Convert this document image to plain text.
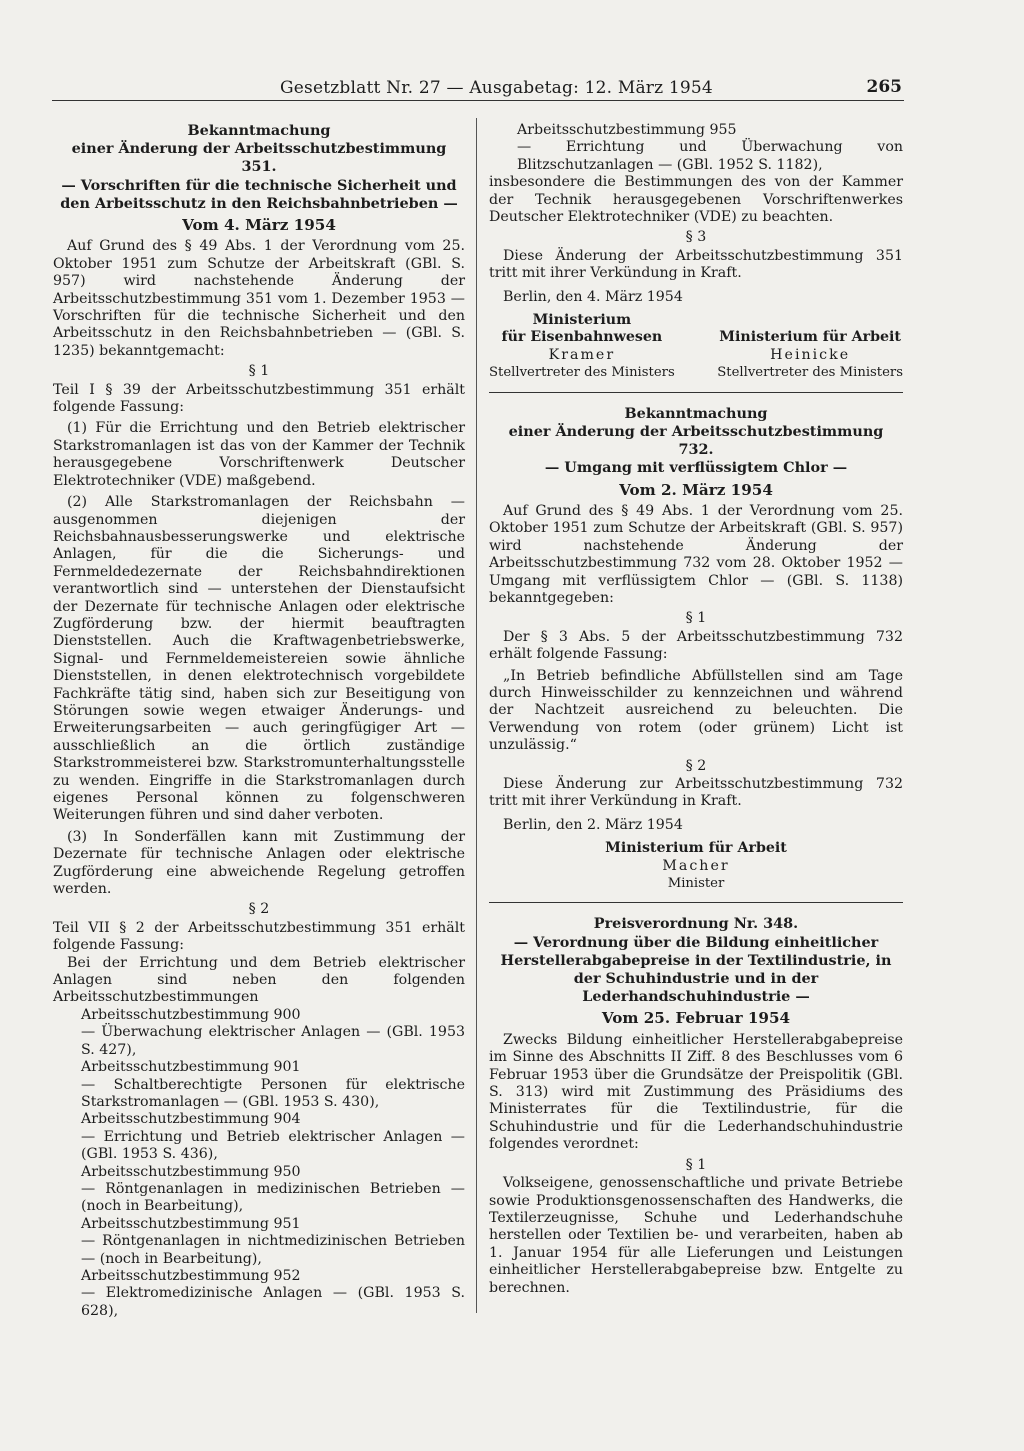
Gesetzblatt Nr. 27 — Ausgabetag: 12. März 1954	265
Bekanntmachung
einer Änderung der Arbeitsschutzbestimmung 351.
— Vorschriften für die technische Sicherheit und den Arbeitsschutz in den Reichsbahnbetrieben —
Vom 4. März 1954

Auf Grund des § 49 Abs. 1 der Verordnung vom 25. Oktober 1951 zum Schutze der Arbeitskraft (GBl. S. 957) wird nachstehende Änderung der Arbeitsschutzbestimmung 351 vom 1. Dezember 1953 — Vorschriften für die technische Sicherheit und den Arbeitsschutz in den Reichsbahnbetrieben — (GBl. S. 1235) bekanntgemacht:

§ 1

Teil I § 39 der Arbeitsschutzbestimmung 351 erhält folgende Fassung:

(1) Für die Errichtung und den Betrieb elektrischer Starkstromanlagen ist das von der Kammer der Technik herausgegebene Vorschriftenwerk Deutscher Elektrotechniker (VDE) maßgebend.

(2) Alle Starkstromanlagen der Reichsbahn — ausgenommen diejenigen der Reichsbahnausbesserungswerke und elektrische Anlagen, für die die Sicherungs- und Fernmeldedezernate der Reichsbahndirektionen verantwortlich sind — unterstehen der Dienstaufsicht der Dezernate für technische Anlagen oder elektrische Zugförderung bzw. der hiermit beauftragten Dienststellen. Auch die Kraftwagenbetriebswerke, Signal- und Fernmeldemeistereien sowie ähnliche Dienststellen, in denen elektrotechnisch vorgebildete Fachkräfte tätig sind, haben sich zur Beseitigung von Störungen sowie wegen etwaiger Änderungs- und Erweiterungsarbeiten — auch geringfügiger Art — ausschließlich an die örtlich zuständige Starkstrommeisterei bzw. Starkstromunterhaltungsstelle zu wenden. Eingriffe in die Starkstromanlagen durch eigenes Personal können zu folgenschweren Weiterungen führen und sind daher verboten.

(3) In Sonderfällen kann mit Zustimmung der Dezernate für technische Anlagen oder elektrische Zugförderung eine abweichende Regelung getroffen werden.

§ 2

Teil VII § 2 der Arbeitsschutzbestimmung 351 erhält folgende Fassung:

Bei der Errichtung und dem Betrieb elektrischer Anlagen sind neben den folgenden Arbeitsschutzbestimmungen

Arbeitsschutzbestimmung 900

— Überwachung elektrischer Anlagen — (GBl. 1953 S. 427),

Arbeitsschutzbestimmung 901

— Schaltberechtigte Personen für elektrische Starkstromanlagen — (GBl. 1953 S. 430),

Arbeitsschutzbestimmung 904

— Errichtung und Betrieb elektrischer Anlagen — (GBl. 1953 S. 436),

Arbeitsschutzbestimmung 950

— Röntgenanlagen in medizinischen Betrieben — (noch in Bearbeitung),

Arbeitsschutzbestimmung 951

— Röntgenanlagen in nichtmedizinischen Betrieben — (noch in Bearbeitung),

Arbeitsschutzbestimmung 952

— Elektromedizinische Anlagen — (GBl. 1953 S. 628),

Arbeitsschutzbestimmung 955

— Errichtung und Überwachung von Blitzschutzanlagen — (GBl. 1952 S. 1182),

insbesondere die Bestimmungen des von der Kammer der Technik herausgegebenen Vorschriftenwerkes Deutscher Elektrotechniker (VDE) zu beachten.

§ 3

Diese Änderung der Arbeitsschutzbestimmung 351 tritt mit ihrer Verkündung in Kraft.

Berlin, den 4. März 1954

Ministerium
für Eisenbahnwesen
Kramer
Stellvertreter des Ministers
Ministerium für Arbeit
Heinicke
Stellvertreter des Ministers
Bekanntmachung
einer Änderung der Arbeitsschutzbestimmung 732.
— Umgang mit verflüssigtem Chlor —
Vom 2. März 1954

Auf Grund des § 49 Abs. 1 der Verordnung vom 25. Oktober 1951 zum Schutze der Arbeitskraft (GBl. S. 957) wird nachstehende Änderung der Arbeitsschutzbestimmung 732 vom 28. Oktober 1952 — Umgang mit verflüssigtem Chlor — (GBl. S. 1138) bekanntgegeben:

§ 1

Der § 3 Abs. 5 der Arbeitsschutzbestimmung 732 erhält folgende Fassung:

„In Betrieb befindliche Abfüllstellen sind am Tage durch Hinweisschilder zu kennzeichnen und während der Nachtzeit ausreichend zu beleuchten. Die Verwendung von rotem (oder grünem) Licht ist unzulässig.“

§ 2

Diese Änderung zur Arbeitsschutzbestimmung 732 tritt mit ihrer Verkündung in Kraft.

Berlin, den 2. März 1954

Ministerium für Arbeit
Macher
Minister
Preisverordnung Nr. 348.
— Verordnung über die Bildung einheitlicher Herstellerabgabepreise in der Textilindustrie, in der Schuhindustrie und in der Lederhandschuhindustrie —
Vom 25. Februar 1954

Zwecks Bildung einheitlicher Herstellerabgabepreise im Sinne des Abschnitts II Ziff. 8 des Beschlusses vom 6 Februar 1953 über die Grundsätze der Preispolitik (GBl. S. 313) wird mit Zustimmung des Präsidiums des Ministerrates für die Textilindustrie, für die Schuhindustrie und für die Lederhandschuhindustrie folgendes verordnet:

§ 1

Volkseigene, genossenschaftliche und private Betriebe sowie Produktionsgenossenschaften des Handwerks, die Textilerzeugnisse, Schuhe und Lederhandschuhe herstellen oder Textilien be- und verarbeiten, haben ab 1. Januar 1954 für alle Lieferungen und Leistungen einheitlicher Herstellerabgabepreise bzw. Entgelte zu berechnen.
